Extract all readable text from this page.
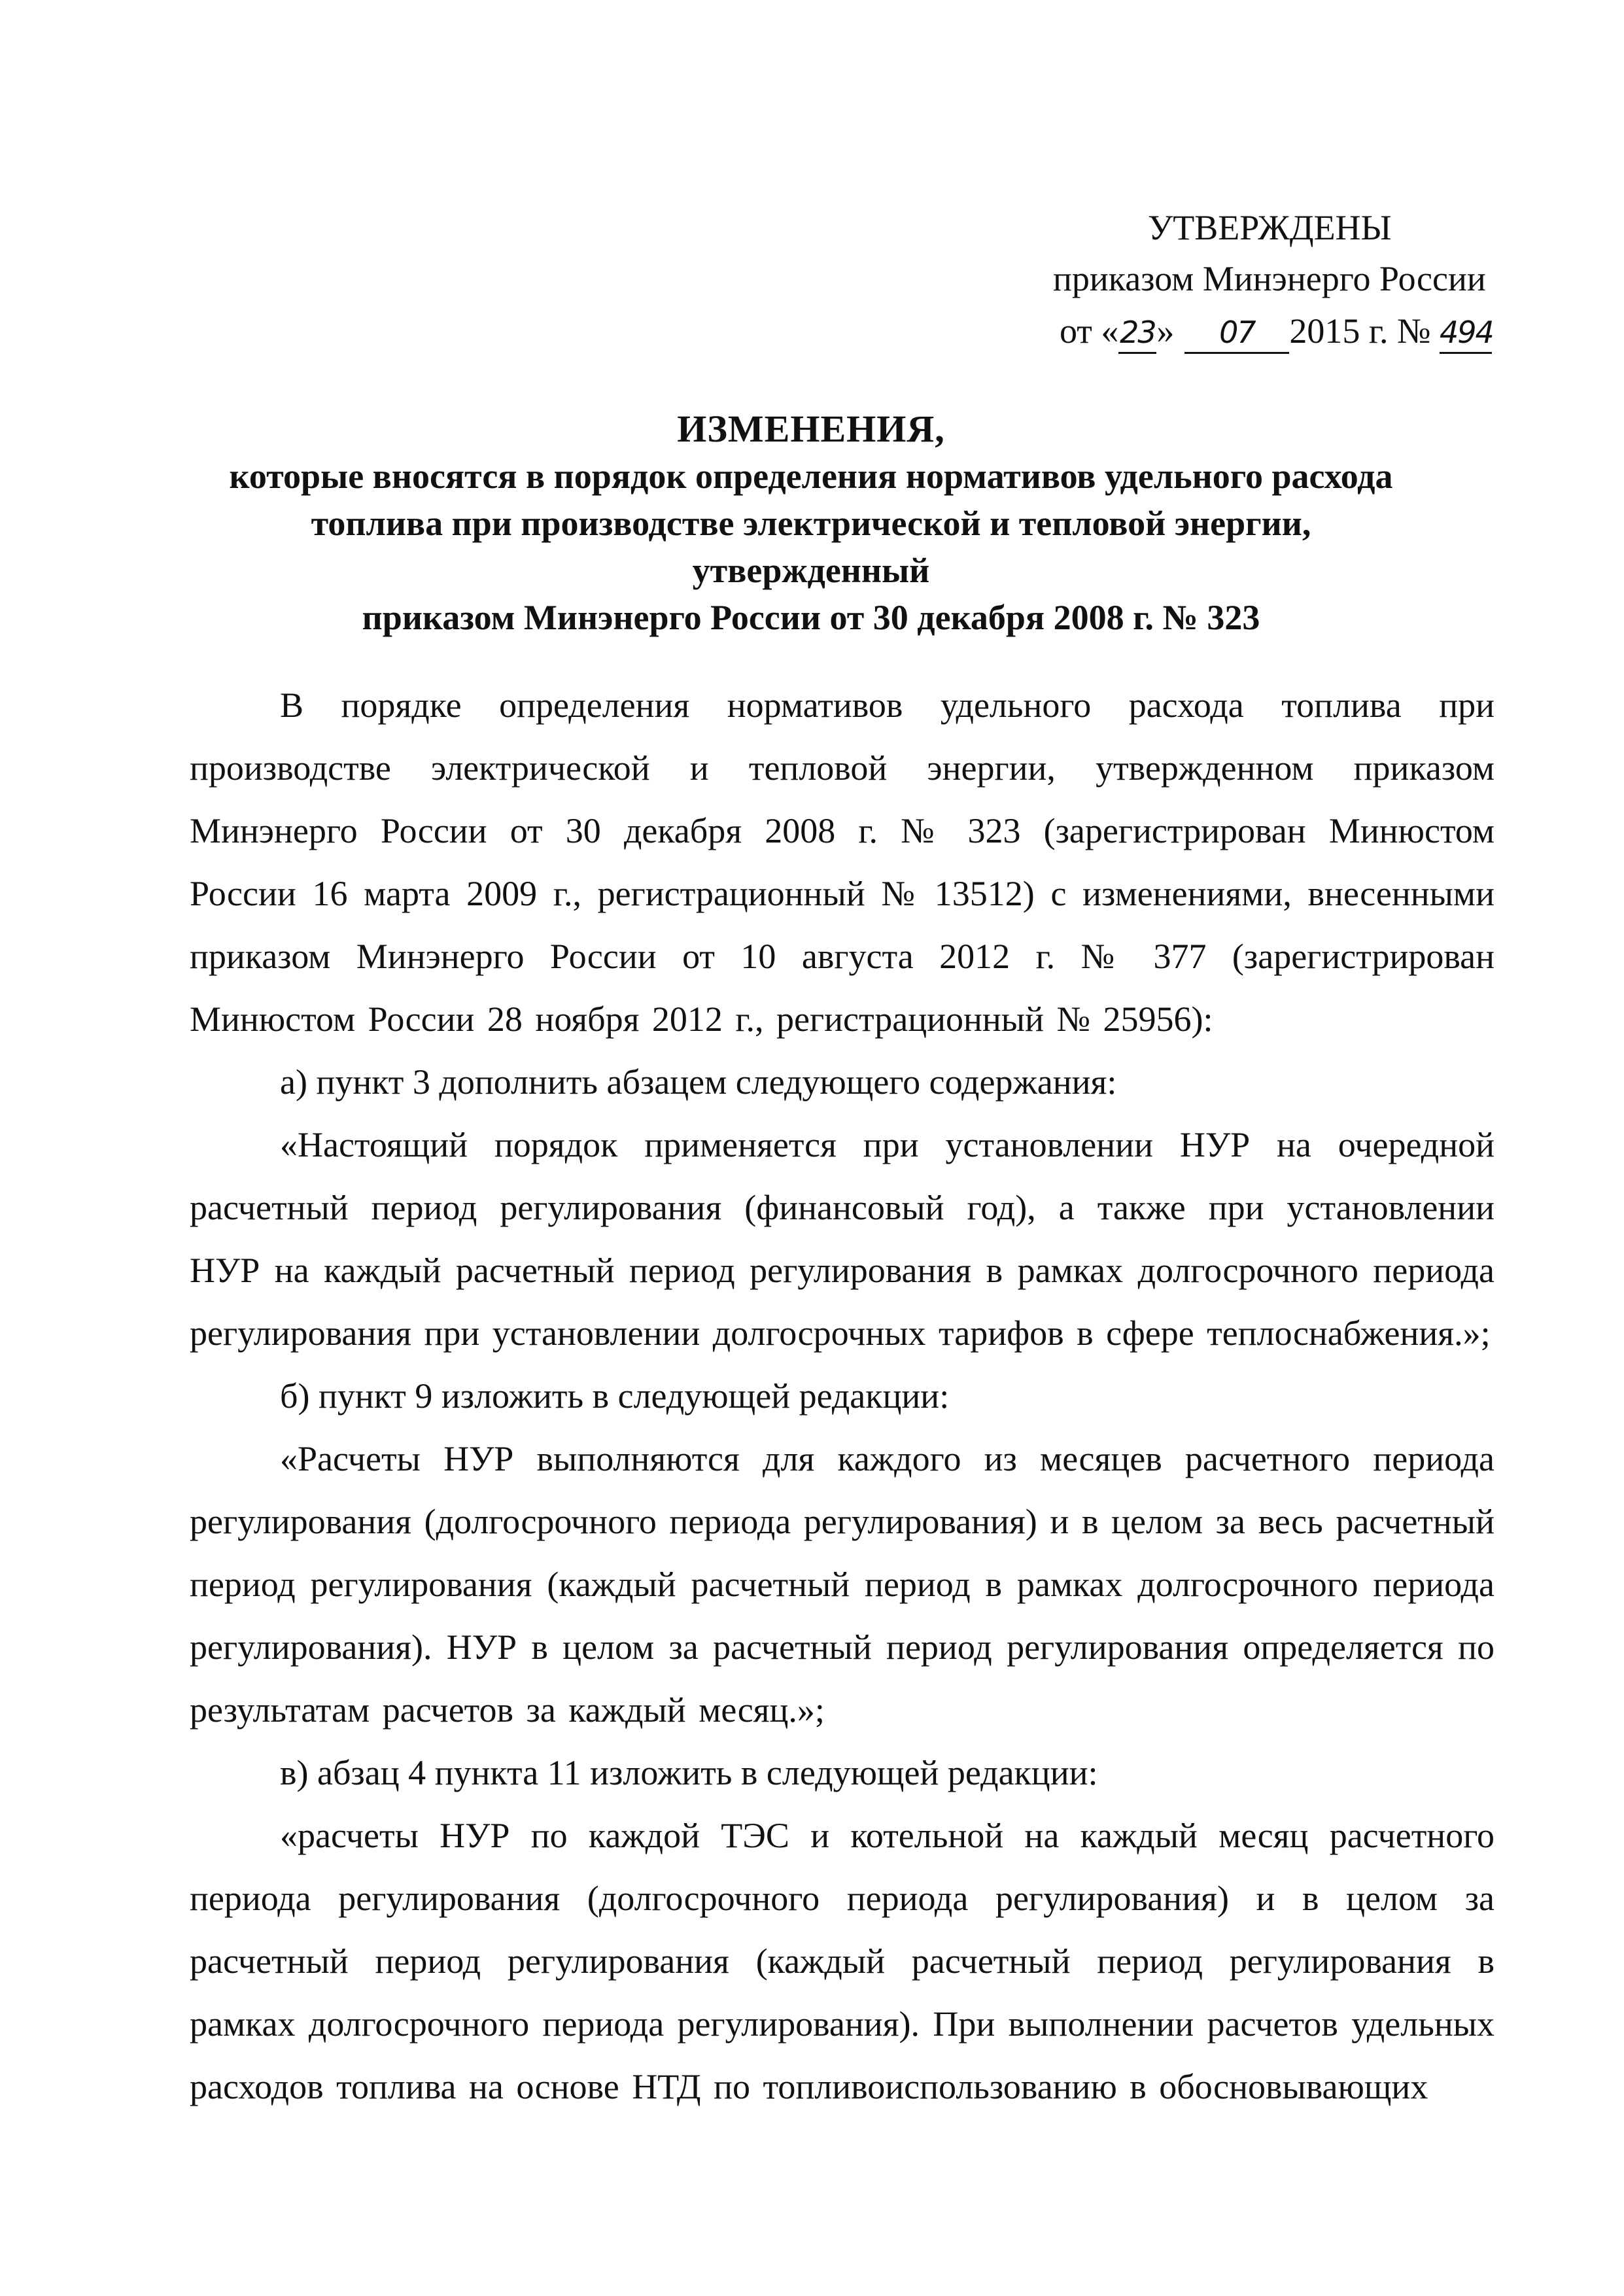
УТВЕРЖДЕНЫ
приказом Минэнерго России
от «23» 07 2015 г. № 494
ИЗМЕНЕНИЯ,
которые вносятся в порядок определения нормативов удельного расхода
топлива при производстве электрической и тепловой энергии, утвержденный
приказом Минэнерго России от 30 декабря 2008 г. № 323

В порядке определения нормативов удельного расхода топлива при производстве электрической и тепловой энергии, утвержденном приказом Минэнерго России от 30 декабря 2008 г. № 323 (зарегистрирован Минюстом России 16 марта 2009 г., регистрационный № 13512) с изменениями, внесенными приказом Минэнерго России от 10 августа 2012 г. № 377 (зарегистрирован Минюстом России 28 ноября 2012 г., регистрационный № 25956):

а) пункт 3 дополнить абзацем следующего содержания:

«Настоящий порядок применяется при установлении НУР на очередной расчетный период регулирования (финансовый год), а также при установлении НУР на каждый расчетный период регулирования в рамках долгосрочного периода регулирования при установлении долгосрочных тарифов в сфере теплоснабжения.»;

б) пункт 9 изложить в следующей редакции:

«Расчеты НУР выполняются для каждого из месяцев расчетного периода регулирования (долгосрочного периода регулирования) и в целом за весь расчетный период регулирования (каждый расчетный период в рамках долгосрочного периода регулирования). НУР в целом за расчетный период регулирования определяется по результатам расчетов за каждый месяц.»;

в) абзац 4 пункта 11 изложить в следующей редакции:

«расчеты НУР по каждой ТЭС и котельной на каждый месяц расчетного периода регулирования (долгосрочного периода регулирования) и в целом за расчетный период регулирования (каждый расчетный период регулирования в рамках долгосрочного периода регулирования). При выполнении расчетов удельных расходов топлива на основе НТД по топливоиспользованию в обосновывающих
